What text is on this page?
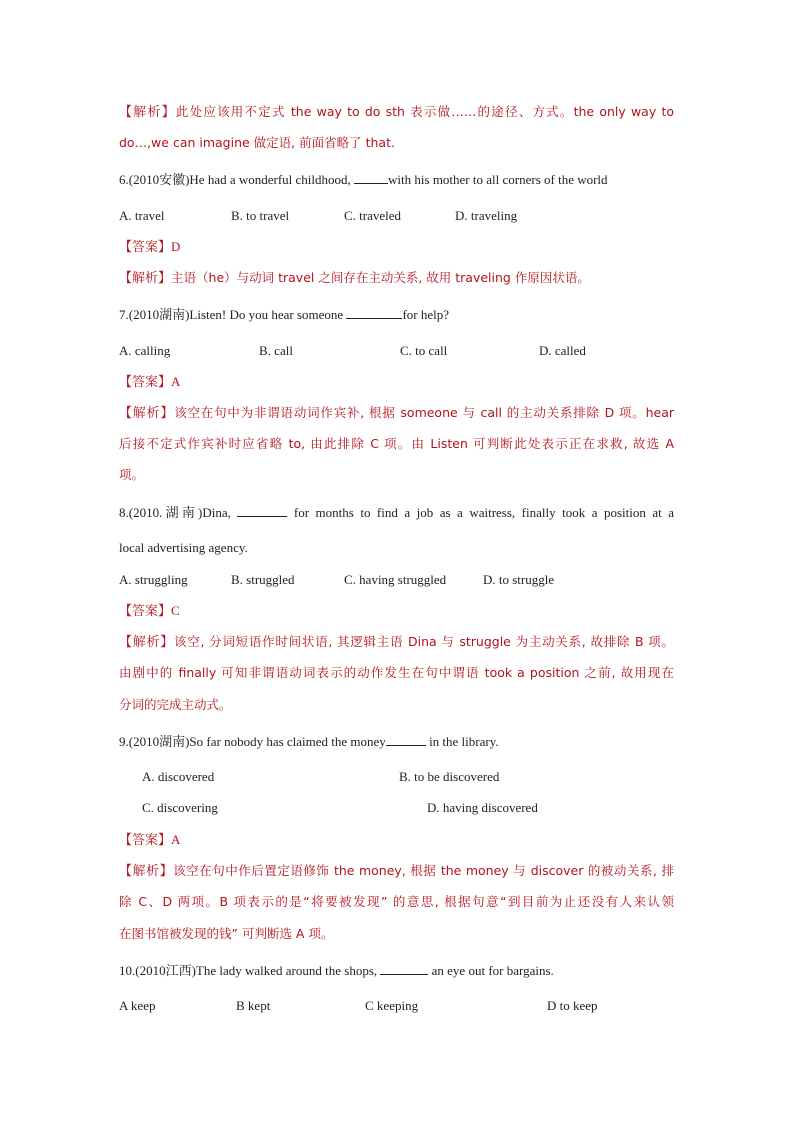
【解析】此处应该用不定式 the way to do sth 表示做……的途径、方式。the only way to
do…,we can imagine 做定语, 前面省略了 that.
6.(2010安徽)He had a wonderful childhood,	with his mother to all corners of the world
A. travel	B. to travel	C. traveled	D. traveling
【答案】D
【解析】主语（he）与动词 travel 之间存在主动关系, 故用 traveling 作原因状语。
7.(2010湖南)Listen! Do you hear someone	for help?
A. calling	B. call	C. to call	D. called
【答案】A
【解析】该空在句中为非谓语动词作宾补, 根据 someone 与 call 的主动关系排除 D 项。hear
后接不定式作宾补时应省略 to, 由此排除 C 项。由 Listen 可判断此处表示正在求救, 故选 A
项。
8.(2010.湖南)Dina,	for months to find a job as a waitress, finally took a position at a
local advertising agency.
A. struggling	B. struggled	C. having struggled	D. to struggle
【答案】C
【解析】该空, 分词短语作时间状语, 其逻辑主语 Dina 与 struggle 为主动关系, 故排除 B 项。
由剧中的 finally 可知非谓语动词表示的动作发生在句中谓语 took a position 之前, 故用现在
分词的完成主动式。
9.(2010湖南)So far nobody has claimed the money	in the library.
A. discovered	B. to be discovered
C. discovering	D. having discovered
【答案】A
【解析】该空在句中作后置定语修饰 the money, 根据 the money 与 discover 的被动关系, 排
除 C、D 两项。B 项表示的是“将要被发现” 的意思, 根据句意“到目前为止还没有人来认领
在图书馆被发现的钱” 可判断选 A 项。
10.(2010江西)The lady walked around the shops,	an eye out for bargains.
A keep	B kept	C keeping	D to keep
